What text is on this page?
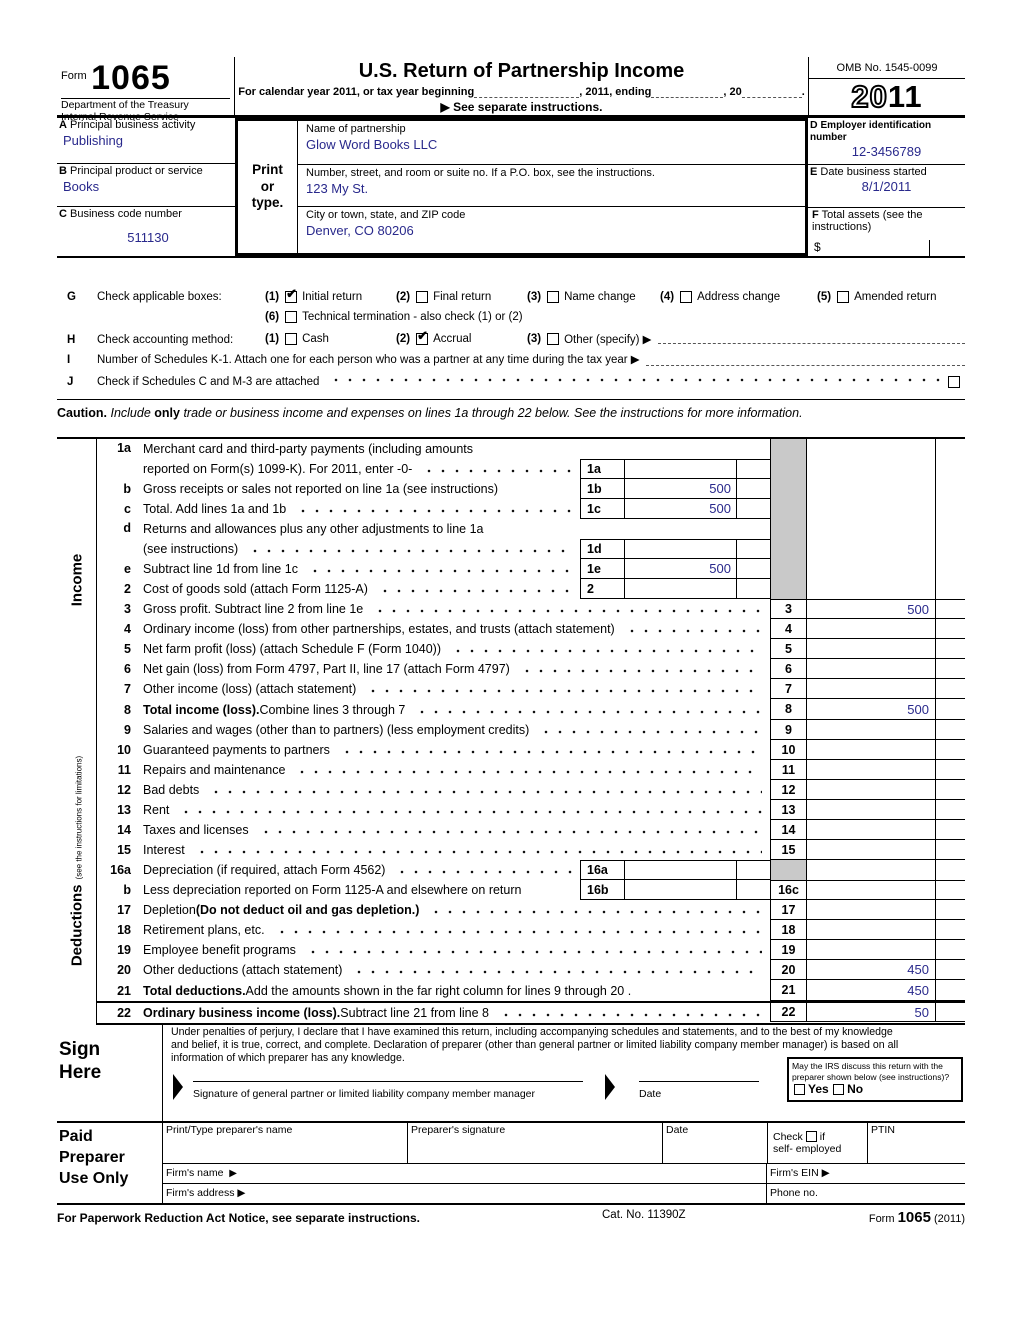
$^{Form}$ 1065
Department of the Treasury
Internal Revenue Service
U.S. Return of Partnership Income
For calendar year 2011, or tax year beginning	, 2011, ending	, 20	.
▶ See separate instructions.
OMB No. 1545-0099
20 11
A Principal business activity
Publishing
B Principal product or service
Books
C Business code number
511130
Print
or
type.
Name of partnership
Glow Word Books LLC
Number, street, and room or suite no. If a P.O. box, see the instructions.
123 My St.
City or town, state, and ZIP code
Denver, CO 80206
D Employer identification number
12-3456789
E Date business started
8/1/2011
F Total assets (see the instructions)
$
G	Check applicable boxes:	(1) ✔ Initial return	(2) Final return	(3) Name change (4) Address change	(5) Amended return
(6) Technical termination - also check (1) or (2)
H	Check accounting method:	(1) Cash	(2) ✔ Accrual	(3) Other (specify) ▶
I	Number of Schedules K-1. Attach one for each person who was a partner at any time during the tax year ▶
J	Check if Schedules C and M-3 are attached
Caution. Include only trade or business income and expenses on lines 1a through 22 below. See the instructions for more information.
Income
Deductions(see the instructions for limitations)
1a Merchant card and third-party payments (including amounts
reported on Form(s) 1099-K). For 2011, enter -0-	1a
b Gross receipts or sales not reported on line 1a (see instructions)	1b	500
c Total. Add lines 1a and 1b	1c	500
d Returns and allowances plus any other adjustments to line 1a
(see instructions)	1d
e Subtract line 1d from line 1c	1e	500
2 Cost of goods sold (attach Form 1125-A)	2
3 Gross profit. Subtract line 2 from line 1e	3	500
4 Ordinary income (loss) from other partnerships, estates, and trusts (attach statement)	4
5 Net farm profit (loss) (attach Schedule F (Form 1040))	5
6 Net gain (loss) from Form 4797, Part II, line 17 (attach Form 4797)	6
7 Other income (loss) (attach statement)	7
8 Total income (loss). Combine lines 3 through 7	8	500
9 Salaries and wages (other than to partners) (less employment credits)	9
10 Guaranteed payments to partners	10
11 Repairs and maintenance	11
12 Bad debts	12
13 Rent	13
14 Taxes and licenses	14
15 Interest	15
16a Depreciation (if required, attach Form 4562)	16a
b Less depreciation reported on Form 1125-A and elsewhere on return	16b	16c
17 Depletion (Do not deduct oil and gas depletion.)	17
18 Retirement plans, etc.	18
19 Employee benefit programs	19
20 Other deductions (attach statement)	20	450
21 Total deductions. Add the amounts shown in the far right column for lines 9 through 20 .	21	450
22 Ordinary business income (loss). Subtract line 21 from line 8	22	50
Sign
Here
Under penalties of perjury, I declare that I have examined this return, including accompanying schedules and statements, and to the best of my knowledge and belief, it is true, correct, and complete. Declaration of preparer (other than general partner or limited liability company member manager) is based on all information of which preparer has any knowledge.
Signature of general partner or limited liability company member manager	Date
May the IRS discuss this return with the preparer shown below (see instructions)?
Yes
No
Paid
Preparer
Use Only
Print/Type preparer's name	Preparer's signature	Date
Check if
self- employed
PTIN
Firm's name
▶	Firm's EIN ▶
Firm's address ▶	Phone no.
For Paperwork Reduction Act Notice, see separate instructions.	Cat. No. 11390Z	Form 1065 (2011)
